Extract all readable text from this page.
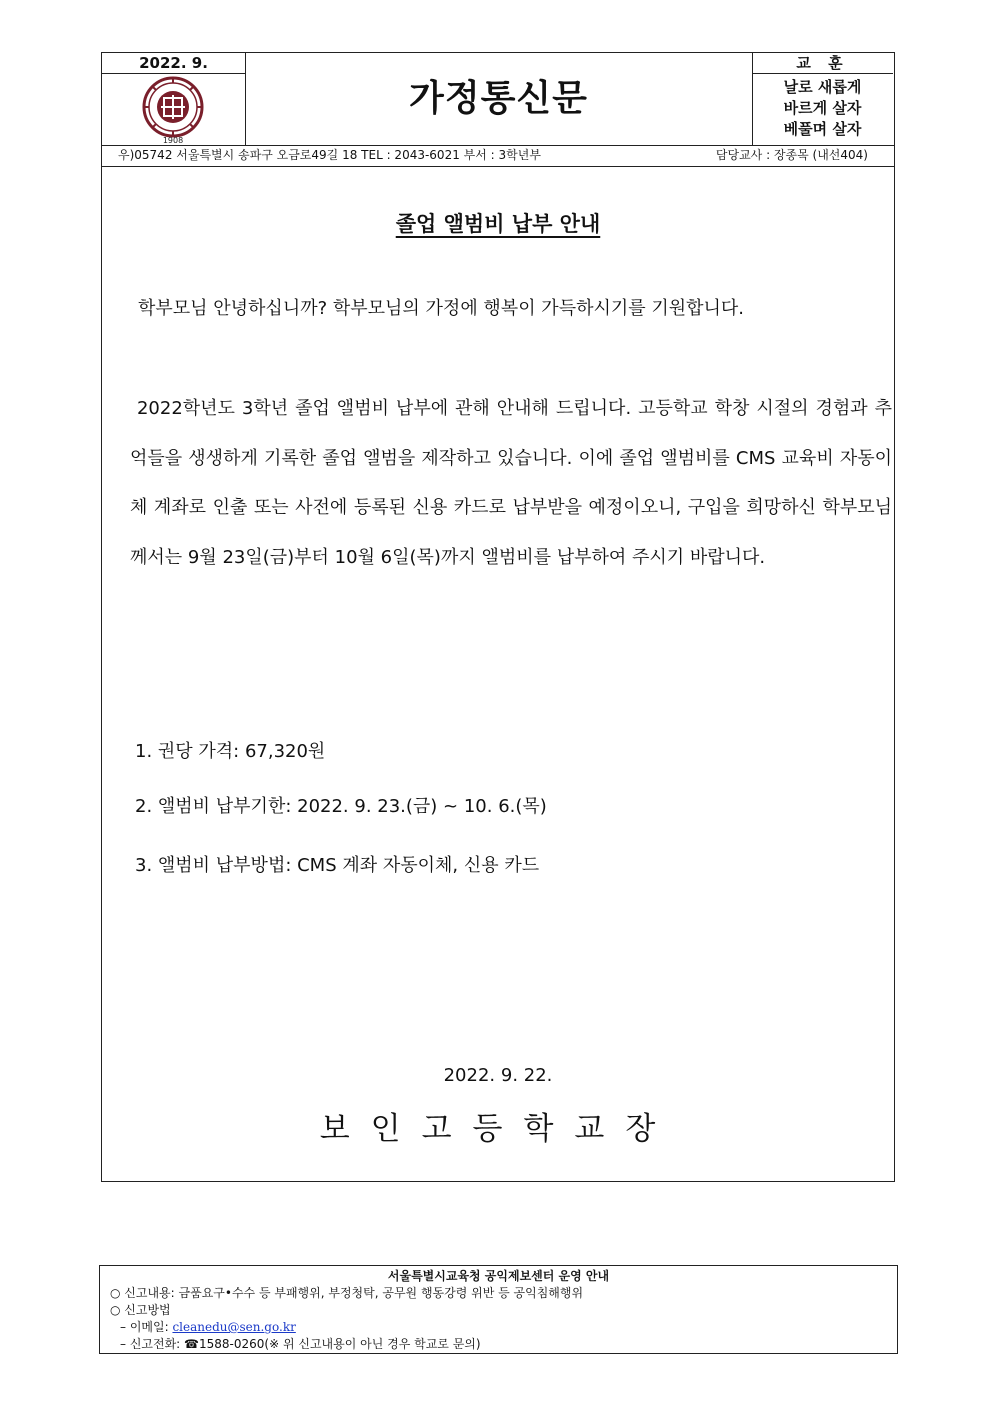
2022. 9.
1908
가정통신문
교 훈
날로 새롭게
바르게 살자
베풀며 살자
우)05742 서울특별시 송파구 오금로49길 18 TEL : 2043-6021 부서 : 3학년부	담당교사 : 장종목 (내선404)
졸업 앨범비 납부 안내
학부모님 안녕하십니까? 학부모님의 가정에 행복이 가득하시기를 기원합니다.
2022학년도 3학년 졸업 앨범비 납부에 관해 안내해 드립니다. 고등학교 학창 시절의 경험과 추억들을 생생하게 기록한 졸업 앨범을 제작하고 있습니다. 이에 졸업 앨범비를 CMS 교육비 자동이체 계좌로 인출 또는 사전에 등록된 신용 카드로 납부받을 예정이오니, 구입을 희망하신 학부모님께서는 9월 23일(금)부터 10월 6일(목)까지 앨범비를 납부하여 주시기 바랍니다.
1. 권당 가격: 67,320원
2. 앨범비 납부기한: 2022. 9. 23.(금) ~ 10. 6.(목)
3. 앨범비 납부방법: CMS 계좌 자동이체, 신용 카드
2022. 9. 22.
보인고등학교장
서울특별시교육청 공익제보센터 운영 안내
○ 신고내용: 금품요구•수수 등 부패행위, 부정청탁, 공무원 행동강령 위반 등 공익침해행위
○ 신고방법
– 이메일: cleanedu@sen.go.kr
– 신고전화: ☎1588-0260(※ 위 신고내용이 아닌 경우 학교로 문의)
